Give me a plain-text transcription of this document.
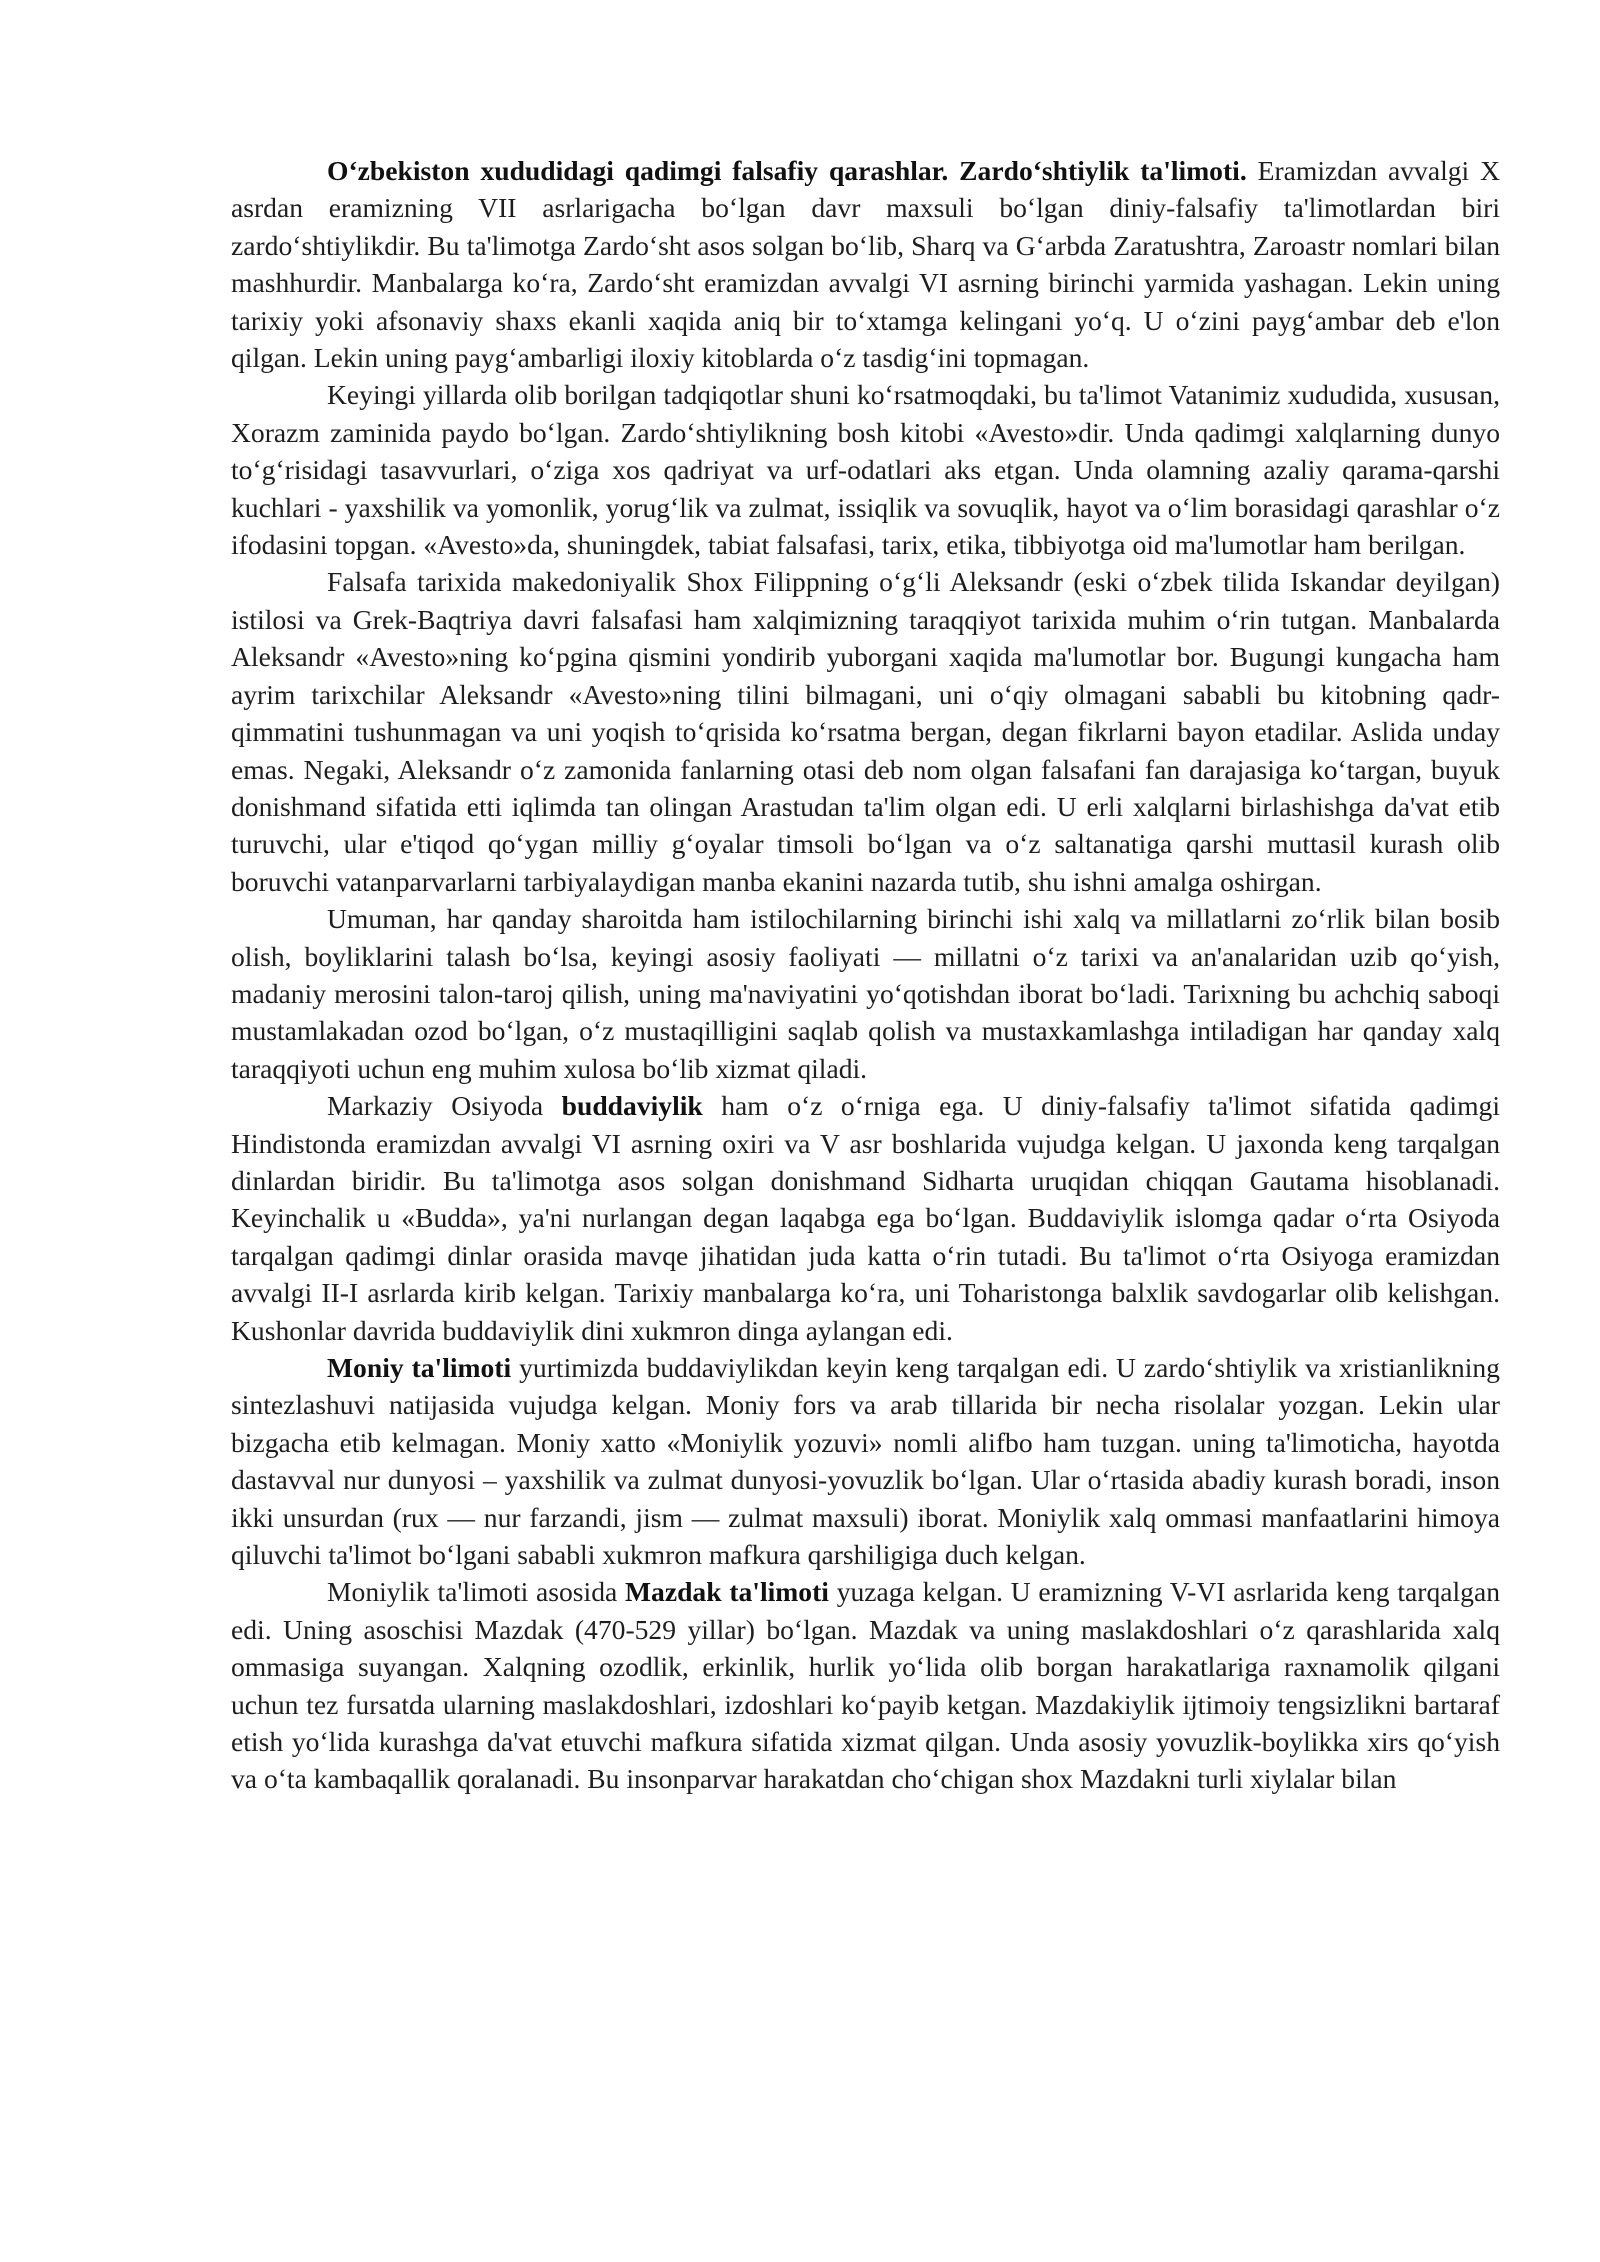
O‘zbekiston xududidagi qadimgi falsafiy qarashlar. Zardo‘shtiylik ta'limoti. Eramizdan avvalgi X asrdan eramizning VII asrlarigacha bo‘lgan davr maxsuli bo‘lgan diniy-falsafiy ta'limotlardan biri zardo‘shtiylikdir. Bu ta'limotga Zardo‘sht asos solgan bo‘lib, Sharq va G‘arbda Zaratushtra, Zaroastr nomlari bilan mashhurdir. Manbalarga ko‘ra, Zardo‘sht eramizdan avvalgi VI asrning birinchi yarmida yashagan. Lekin uning tarixiy yoki afsonaviy shaxs ekanli xaqida aniq bir to‘xtamga kelingani yo‘q. U o‘zini payg‘ambar deb e'lon qilgan. Lekin uning payg‘ambarligi iloxiy kitoblarda o‘z tasdig‘ini topmagan.

Keyingi yillarda olib borilgan tadqiqotlar shuni ko‘rsatmoqdaki, bu ta'limot Vatanimiz xududida, xususan, Xorazm zaminida paydo bo‘lgan. Zardo‘shtiylikning bosh kitobi «Avesto»dir. Unda qadimgi xalqlarning dunyo to‘g‘risidagi tasavvurlari, o‘ziga xos qadriyat va urf-odatlari aks etgan. Unda olamning azaliy qarama-qarshi kuchlari - yaxshilik va yomonlik, yorug‘lik va zulmat, issiqlik va sovuqlik, hayot va o‘lim borasidagi qarashlar o‘z ifodasini topgan. «Avesto»da, shuningdek, tabiat falsafasi, tarix, etika, tibbiyotga oid ma'lumotlar ham berilgan.

Falsafa tarixida makedoniyalik Shox Filippning o‘g‘li Aleksandr (eski o‘zbek tilida Iskandar deyilgan) istilosi va Grek-Baqtriya davri falsafasi ham xalqimizning taraqqiyot tarixida muhim o‘rin tutgan. Manbalarda Aleksandr «Avesto»ning ko‘pgina qismini yondirib yuborgani xaqida ma'lumotlar bor. Bugungi kungacha ham ayrim tarixchilar Aleksandr «Avesto»ning tilini bilmagani, uni o‘qiy olmagani sababli bu kitobning qadr-qimmatini tushunmagan va uni yoqish to‘qrisida ko‘rsatma bergan, degan fikrlarni bayon etadilar. Aslida unday emas. Negaki, Aleksandr o‘z zamonida fanlarning otasi deb nom olgan falsafani fan darajasiga ko‘targan, buyuk donishmand sifatida etti iqlimda tan olingan Arastudan ta'lim olgan edi. U erli xalqlarni birlashishga da'vat etib turuvchi, ular e'tiqod qo‘ygan milliy g‘oyalar timsoli bo‘lgan va o‘z saltanatiga qarshi muttasil kurash olib boruvchi vatanparvarlarni tarbiyalaydigan manba ekanini nazarda tutib, shu ishni amalga oshirgan.

Umuman, har qanday sharoitda ham istilochilarning birinchi ishi xalq va millatlarni zo‘rlik bilan bosib olish, boyliklarini talash bo‘lsa, keyingi asosiy faoliyati — millatni o‘z tarixi va an'analaridan uzib qo‘yish, madaniy merosini talon-taroj qilish, uning ma'naviyatini yo‘qotishdan iborat bo‘ladi. Tarixning bu achchiq saboqi mustamlakadan ozod bo‘lgan, o‘z mustaqilligini saqlab qolish va mustaxkamlashga intiladigan har qanday xalq taraqqiyoti uchun eng muhim xulosa bo‘lib xizmat qiladi.

Markaziy Osiyoda buddaviylik ham o‘z o‘rniga ega. U diniy-falsafiy ta'limot sifatida qadimgi Hindistonda eramizdan avvalgi VI asrning oxiri va V asr boshlarida vujudga kelgan. U jaxonda keng tarqalgan dinlardan biridir. Bu ta'limotga asos solgan donishmand Sidharta uruqidan chiqqan Gautama hisoblanadi. Keyinchalik u «Budda», ya'ni nurlangan degan laqabga ega bo‘lgan. Buddaviylik islomga qadar o‘rta Osiyoda tarqalgan qadimgi dinlar orasida mavqe jihatidan juda katta o‘rin tutadi. Bu ta'limot o‘rta Osiyoga eramizdan avvalgi II-I asrlarda kirib kelgan. Tarixiy manbalarga ko‘ra, uni Toharistonga balxlik savdogarlar olib kelishgan. Kushonlar davrida buddaviylik dini xukmron dinga aylangan edi.

Moniy ta'limoti yurtimizda buddaviylikdan keyin keng tarqalgan edi. U zardo‘shtiylik va xristianlikning sintezlashuvi natijasida vujudga kelgan. Moniy fors va arab tillarida bir necha risolalar yozgan. Lekin ular bizgacha etib kelmagan. Moniy xatto «Moniylik yozuvi» nomli alifbo ham tuzgan. uning ta'limoticha, hayotda dastavval nur dunyosi – yaxshilik va zulmat dunyosi-yovuzlik bo‘lgan. Ular o‘rtasida abadiy kurash boradi, inson ikki unsurdan (rux — nur farzandi, jism — zulmat maxsuli) iborat. Moniylik xalq ommasi manfaatlarini himoya qiluvchi ta'limot bo‘lgani sababli xukmron mafkura qarshiligiga duch kelgan.

Moniylik ta'limoti asosida Mazdak ta'limoti yuzaga kelgan. U eramizning V-VI asrlarida keng tarqalgan edi. Uning asoschisi Mazdak (470-529 yillar) bo‘lgan. Mazdak va uning maslakdoshlari o‘z qarashlarida xalq ommasiga suyangan. Xalqning ozodlik, erkinlik, hurlik yo‘lida olib borgan harakatlariga raxnamolik qilgani uchun tez fursatda ularning maslakdoshlari, izdoshlari ko‘payib ketgan. Mazdakiylik ijtimoiy tengsizlikni bartaraf etish yo‘lida kurashga da'vat etuvchi mafkura sifatida xizmat qilgan. Unda asosiy yovuzlik-boylikka xirs qo‘yish va o‘ta kambaqallik qoralanadi. Bu insonparvar harakatdan cho‘chigan shox Mazdakni turli xiylalar bilan
